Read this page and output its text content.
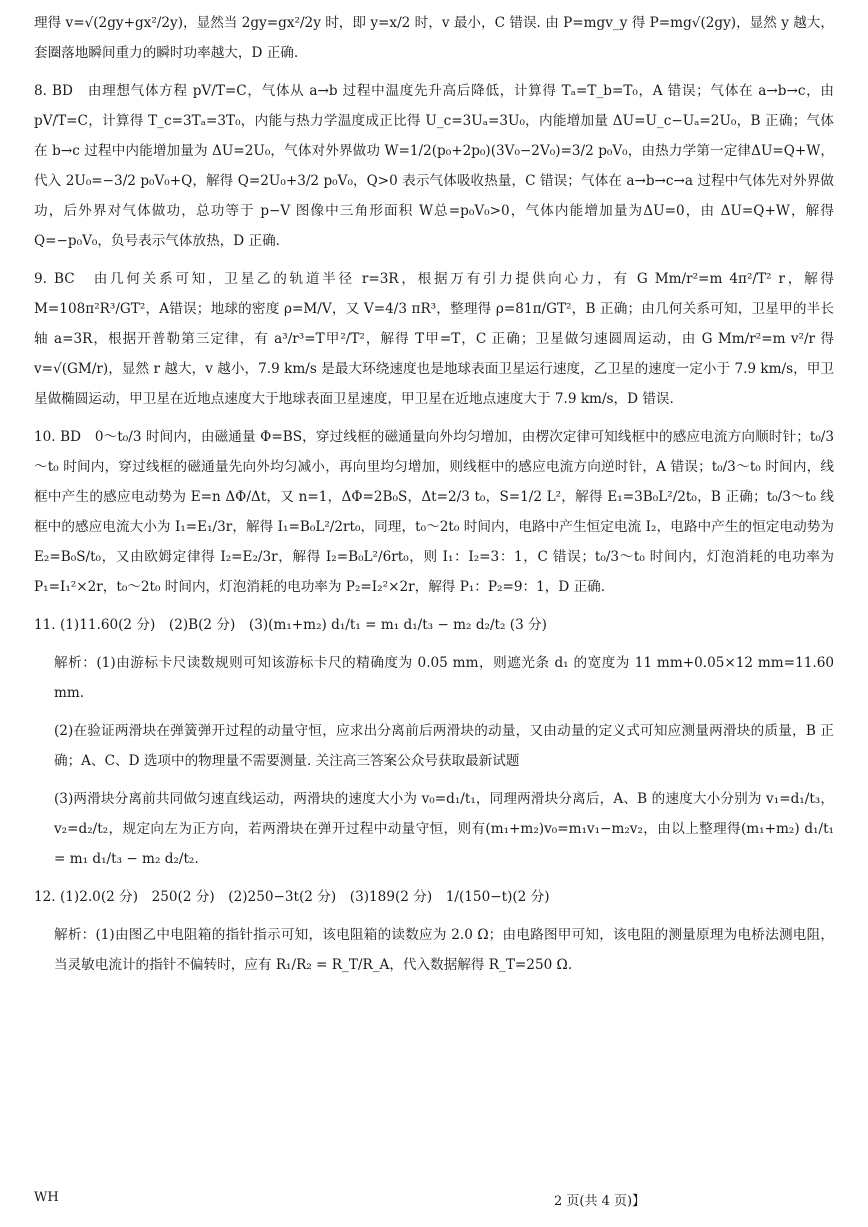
理得 v=√(2gy+gx²/2y)，显然当 2gy=gx²/2y 时，即 y=x/2 时，v 最小，C 错误. 由 P=mgv_y 得 P=mg√(2gy)，显然 y 越大，套圈落地瞬间重力的瞬时功率越大，D 正确.
8. BD　 由理想气体方程 pV/T=C，气体从 a→b 过程中温度先升高后降低，计算得 Tₐ=T_b=T₀，A 错误；气体在 a→b→c，由pV/T=C，计算得 T_c=3Tₐ=3T₀，内能与热力学温度成正比得 U_c=3Uₐ=3U₀，内能增加量 ΔU=U_c−Uₐ=2U₀，B 正确；气体在 b→c 过程中内能增加量为 ΔU=2U₀，气体对外界做功 W=1/2(p₀+2p₀)(3V₀−2V₀)=3/2 p₀V₀，由热力学第一定律ΔU=Q+W，代入 2U₀=−3/2 p₀V₀+Q，解得 Q=2U₀+3/2 p₀V₀，Q>0 表示气体吸收热量，C 错误；气体在 a→b→c→a 过程中气体先对外界做功，后外界对气体做功，总功等于 p−V 图像中三角形面积 W总=p₀V₀>0，气体内能增加量为ΔU=0，由 ΔU=Q+W，解得 Q=−p₀V₀，负号表示气体放热，D 正确.
9. BC　 由几何关系可知，卫星乙的轨道半径 r=3R，根据万有引力提供向心力，有 G Mm/r²=m 4π²/T² r，解得 M=108π²R³/GT²，A错误；地球的密度 ρ=M/V，又 V=4/3 πR³，整理得 ρ=81π/GT²，B 正确；由几何关系可知，卫星甲的半长轴 a=3R，根据开普勒第三定律，有 a³/r³=T甲²/T²，解得 T甲=T，C 正确；卫星做匀速圆周运动，由 G Mm/r²=m v²/r 得 v=√(GM/r)，显然 r 越大，v 越小，7.9 km/s 是最大环绕速度也是地球表面卫星运行速度，乙卫星的速度一定小于 7.9 km/s，甲卫星做椭圆运动，甲卫星在近地点速度大于地球表面卫星速度，甲卫星在近地点速度大于 7.9 km/s，D 错误.
10. BD　 0～t₀/3 时间内，由磁通量 Φ=BS，穿过线框的磁通量向外均匀增加，由楞次定律可知线框中的感应电流方向顺时针；t₀/3～t₀ 时间内，穿过线框的磁通量先向外均匀减小，再向里均匀增加，则线框中的感应电流方向逆时针，A 错误；t₀/3～t₀ 时间内，线框中产生的感应电动势为 E=n ΔΦ/Δt，又 n=1，ΔΦ=2B₀S，Δt=2/3 t₀，S=1/2 L²，解得 E₁=3B₀L²/2t₀，B 正确；t₀/3～t₀ 线框中的感应电流大小为 I₁=E₁/3r，解得 I₁=B₀L²/2rt₀，同理，t₀～2t₀ 时间内，电路中产生恒定电流 I₂，电路中产生的恒定电动势为 E₂=B₀S/t₀，又由欧姆定律得 I₂=E₂/3r，解得 I₂=B₀L²/6rt₀，则 I₁：I₂=3：1，C 错误；t₀/3～t₀ 时间内，灯泡消耗的电功率为 P₁=I₁²×2r，t₀～2t₀ 时间内，灯泡消耗的电功率为 P₂=I₂²×2r，解得 P₁：P₂=9：1，D 正确.
11. (1)11.60(2 分)　(2)B(2 分)　(3)(m₁+m₂) d₁/t₁ = m₁ d₁/t₃ − m₂ d₂/t₂ (3 分)
解析：(1)由游标卡尺读数规则可知该游标卡尺的精确度为 0.05 mm，则遮光条 d₁ 的宽度为 11 mm+0.05×12 mm=11.60 mm.
(2)在验证两滑块在弹簧弹开过程的动量守恒，应求出分离前后两滑块的动量，又由动量的定义式可知应测量两滑块的质量，B 正确；A、C、D 选项中的物理量不需要测量. 关注高三答案公众号获取最新试题
(3)两滑块分离前共同做匀速直线运动，两滑块的速度大小为 v₀=d₁/t₁，同理两滑块分离后，A、B 的速度大小分别为 v₁=d₁/t₃，v₂=d₂/t₂，规定向左为正方向，若两滑块在弹开过程中动量守恒，则有(m₁+m₂)v₀=m₁v₁−m₂v₂，由以上整理得(m₁+m₂) d₁/t₁ = m₁ d₁/t₃ − m₂ d₂/t₂.
12. (1)2.0(2 分)　250(2 分)　(2)250−3t(2 分)　(3)189(2 分)　1/(150−t)(2 分)
解析：(1)由图乙中电阻箱的指针指示可知，该电阻箱的读数应为 2.0 Ω；由电路图甲可知，该电阻的测量原理为电桥法测电阻，当灵敏电流计的指针不偏转时，应有 R₁/R₂ = R_T/R_A，代入数据解得 R_T=250 Ω.
WH	2 页(共 4 页)】
